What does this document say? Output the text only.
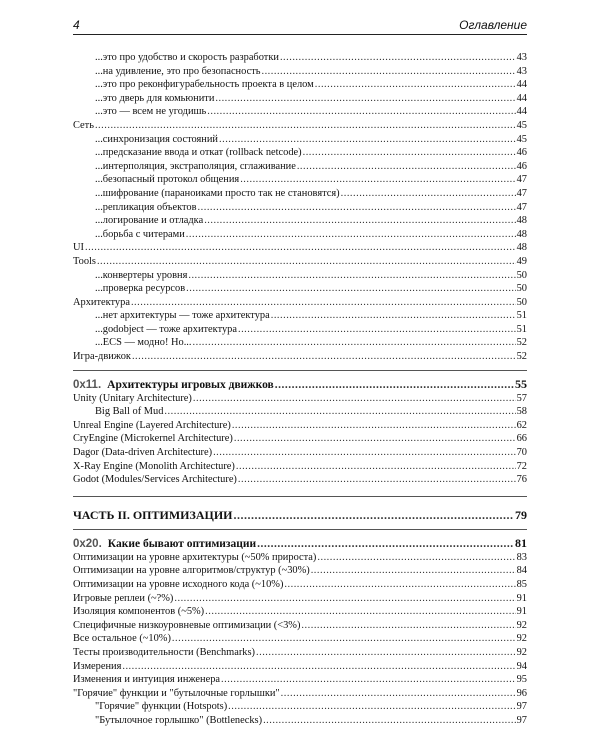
4	Оглавление
...это про удобство и скорость разработки .....	43
...на удивление, это про безопасность .....	43
...это про реконфигурабельность проекта в целом .....	44
...это дверь для комьюнити .....	44
...это — всем не угодишь .....	44
Сеть .....	45
...синхронизация состояний .....	45
...предсказание ввода и откат (rollback netcode) .....	46
...интерполяция, экстраполяция, сглаживание .....	46
...безопасный протокол общения .....	47
...шифрование (параноиками просто так не становятся) .....	47
...репликация объектов .....	47
...логирование и отладка .....	48
...борьба с читерами .....	48
UI .....	48
Tools .....	49
...конвертеры уровня .....	50
...проверка ресурсов .....	50
Архитектура .....	50
...нет архитектуры — тоже архитектура .....	51
...godobject — тоже архитектура .....	51
...ECS — модно! Но... .....	52
Игра-движок .....	52
0x11. Архитектуры игровых движков .....	55
Unity (Unitary Architecture) .....	57
Big Ball of Mud .....	58
Unreal Engine (Layered Architecture) .....	62
CryEngine (Microkernel Architecture) .....	66
Dagor (Data-driven Architecture) .....	70
X-Ray Engine (Monolith Architecture) .....	72
Godot (Modules/Services Architecture) .....	76
ЧАСТЬ II. ОПТИМИЗАЦИИ .....	79
0x20. Какие бывают оптимизации .....	81
Оптимизации на уровне архитектуры (~50% прироста) .....	83
Оптимизации на уровне алгоритмов/структур (~30%) .....	84
Оптимизации на уровне исходного кода (~10%) .....	85
Игровые реплеи (~?%) .....	91
Изоляция компонентов (~5%) .....	91
Специфичные низкоуровневые оптимизации (<3%) .....	92
Все остальное (~10%) .....	92
Тесты производительности (Benchmarks) .....	92
Измерения .....	94
Изменения и интуиция инженера .....	95
"Горячие" функции и "бутылочные горлышки" .....	96
"Горячие" функции (Hotspots) .....	97
"Бутылочное горлышко" (Bottlenecks) .....	97
